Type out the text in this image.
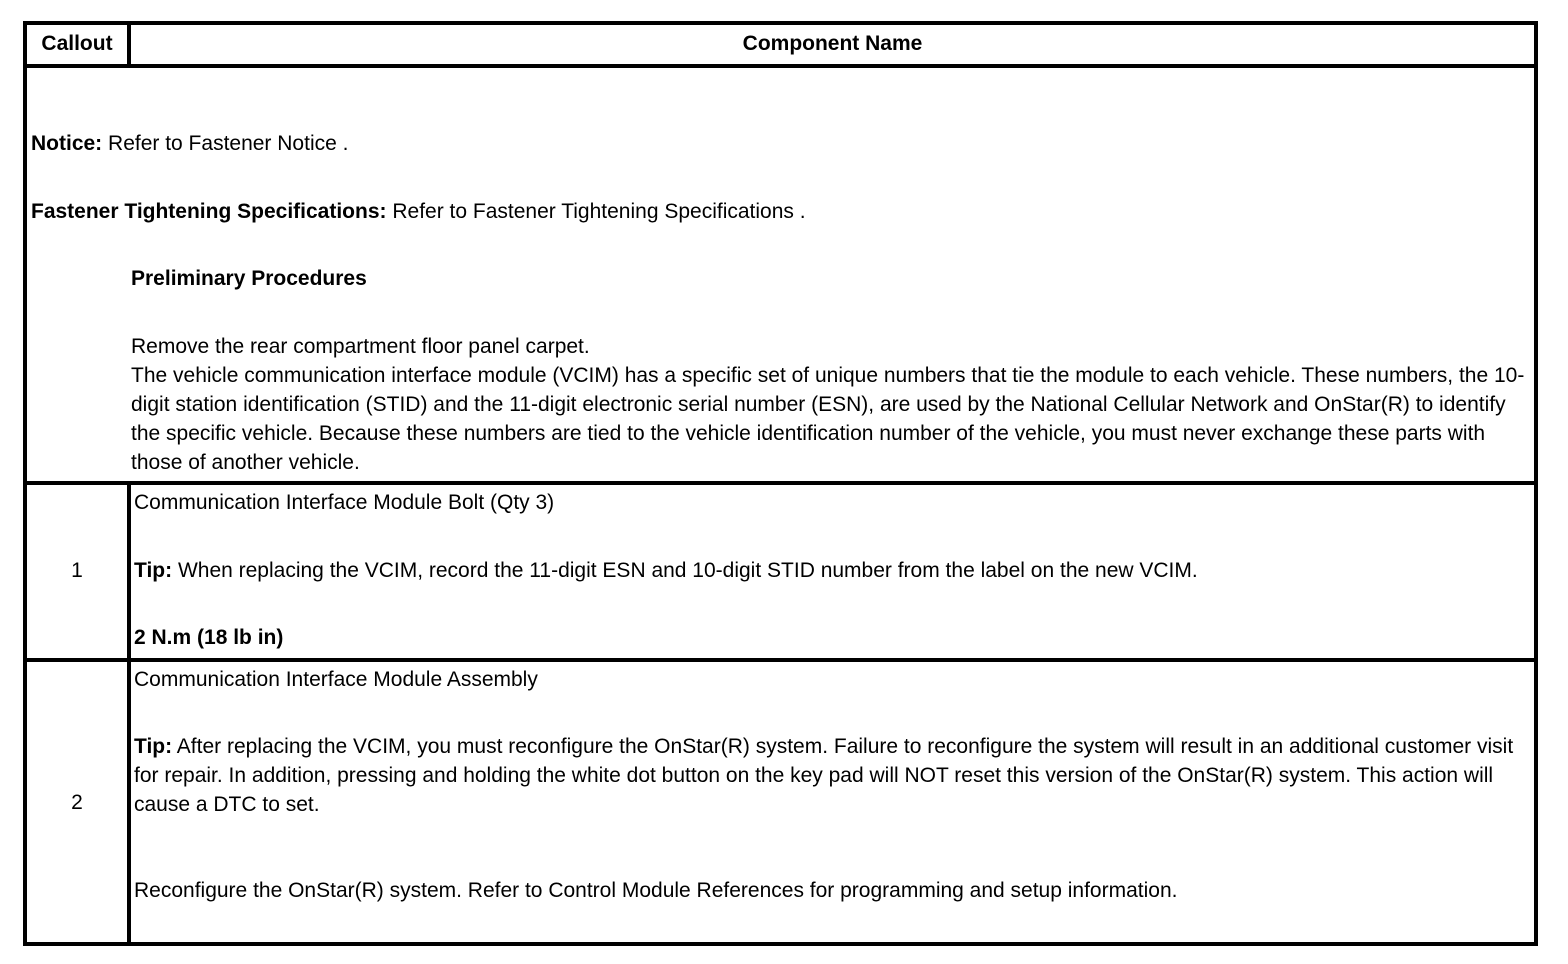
Callout	Component Name
Notice: Refer to Fastener Notice .
Fastener Tightening Specifications: Refer to Fastener Tightening Specifications .
Preliminary Procedures
Remove the rear compartment floor panel carpet.
The vehicle communication interface module (VCIM) has a specific set of unique numbers that tie the module to each vehicle. These numbers, the 10-digit station identification (STID) and the 11-digit electronic serial number (ESN), are used by the National Cellular Network and OnStar(R) to identify the specific vehicle. Because these numbers are tied to the vehicle identification number of the vehicle, you must never exchange these parts with those of another vehicle.
1
Communication Interface Module Bolt (Qty 3)
Tip: When replacing the VCIM, record the 11-digit ESN and 10-digit STID number from the label on the new VCIM.
2 N.m (18 lb in)
2
Communication Interface Module Assembly
Tip: After replacing the VCIM, you must reconfigure the OnStar(R) system. Failure to reconfigure the system will result in an additional customer visit for repair. In addition, pressing and holding the white dot button on the key pad will NOT reset this version of the OnStar(R) system. This action will cause a DTC to set.
Reconfigure the OnStar(R) system. Refer to Control Module References for programming and setup information.
